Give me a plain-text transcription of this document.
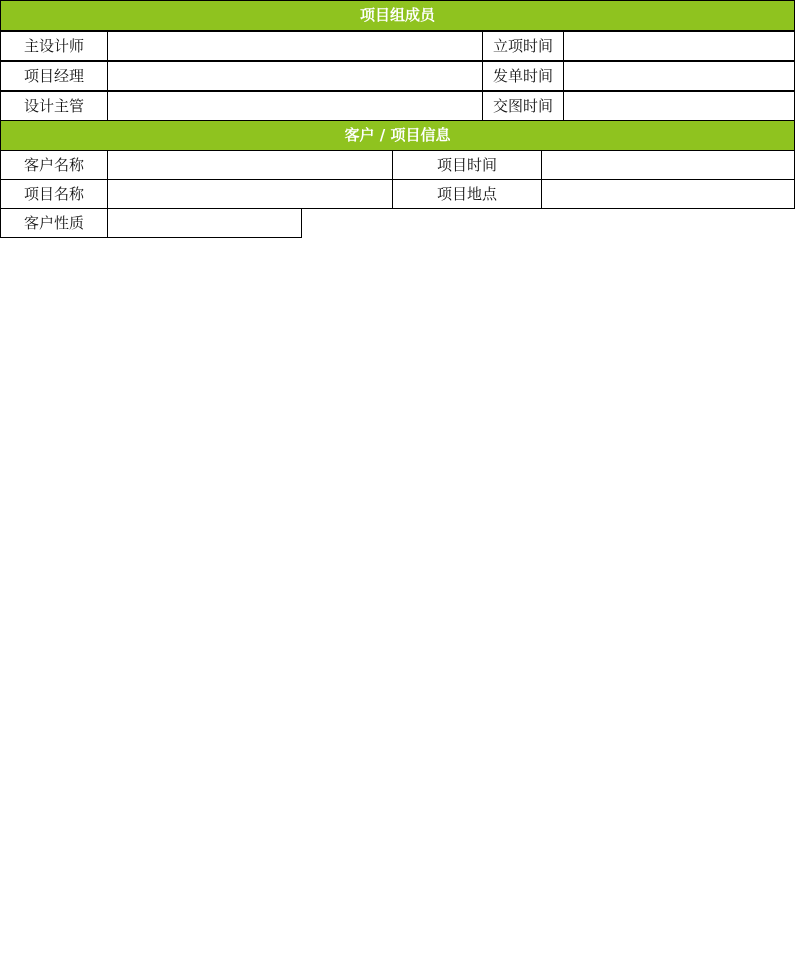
项目组成员
主设计师	立项时间
项目经理	发单时间
设计主管	交图时间
客户 / 项目信息
客户名称	项目时间
项目名称	项目地点
客户性质
